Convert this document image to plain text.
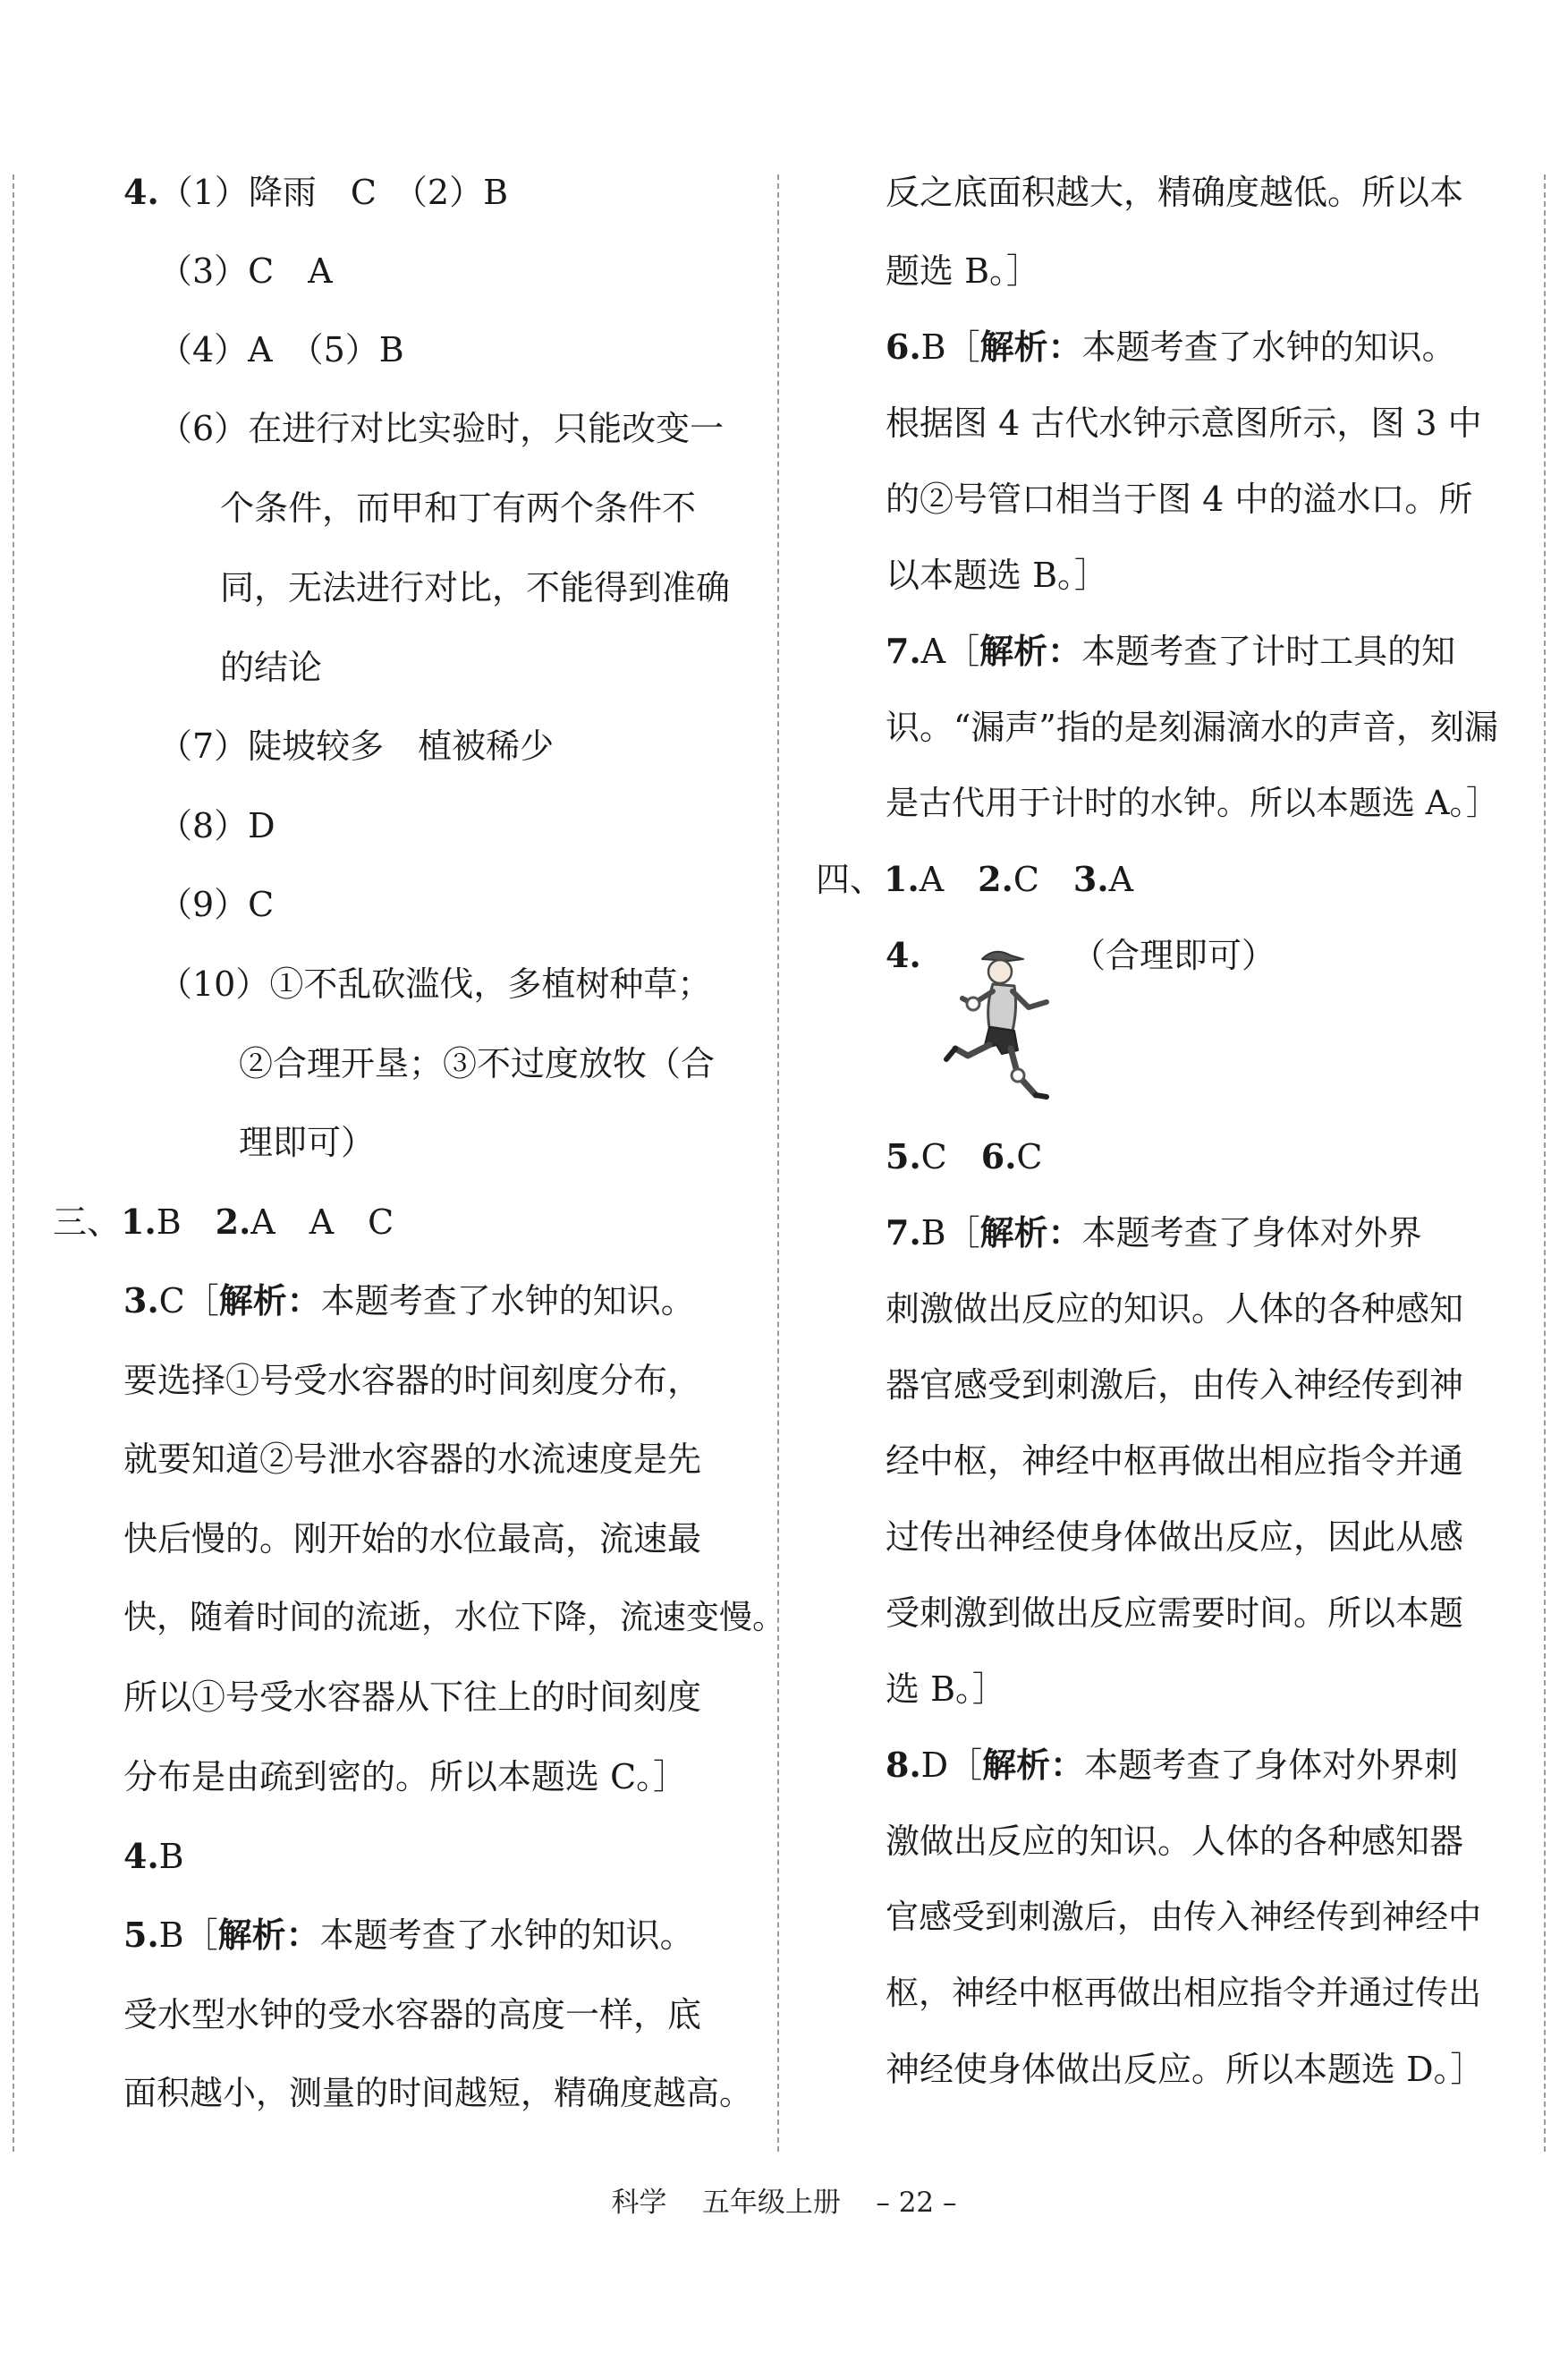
4.（1）降雨　C　（2）B
（3）C　A
（4）A　（5）B
（6）在进行对比实验时，只能改变一
个条件，而甲和丁有两个条件不
同，无法进行对比，不能得到准确
的结论
（7）陡坡较多　植被稀少
（8）D
（9）C
（10）①不乱砍滥伐，多植树种草；
②合理开垦；③不过度放牧（合
理即可）
三、1.B　2.A　A　C
3.C［解析：本题考查了水钟的知识。
要选择①号受水容器的时间刻度分布，
就要知道②号泄水容器的水流速度是先
快后慢的。刚开始的水位最高，流速最
快，随着时间的流逝，水位下降，流速变慢。
所以①号受水容器从下往上的时间刻度
分布是由疏到密的。所以本题选 C。］
4.B
5.B［解析：本题考查了水钟的知识。
受水型水钟的受水容器的高度一样，底
面积越小，测量的时间越短，精确度越高。
反之底面积越大，精确度越低。所以本
题选 B。］
6.B［解析：本题考查了水钟的知识。
根据图 4 古代水钟示意图所示，图 3 中
的②号管口相当于图 4 中的溢水口。所
以本题选 B。］
7.A［解析：本题考查了计时工具的知
识。“漏声”指的是刻漏滴水的声音，刻漏
是古代用于计时的水钟。所以本题选 A。］
四、1.A　2.C　3.A
4.	（合理即可）
5.C　6.C
7.B［解析：本题考查了身体对外界
刺激做出反应的知识。人体的各种感知
器官感受到刺激后，由传入神经传到神
经中枢，神经中枢再做出相应指令并通
过传出神经使身体做出反应，因此从感
受刺激到做出反应需要时间。所以本题
选 B。］
8.D［解析：本题考查了身体对外界刺
激做出反应的知识。人体的各种感知器
官感受到刺激后，由传入神经传到神经中
枢，神经中枢再做出相应指令并通过传出
神经使身体做出反应。所以本题选 D。］
科学 五年级上册 – 22 –
